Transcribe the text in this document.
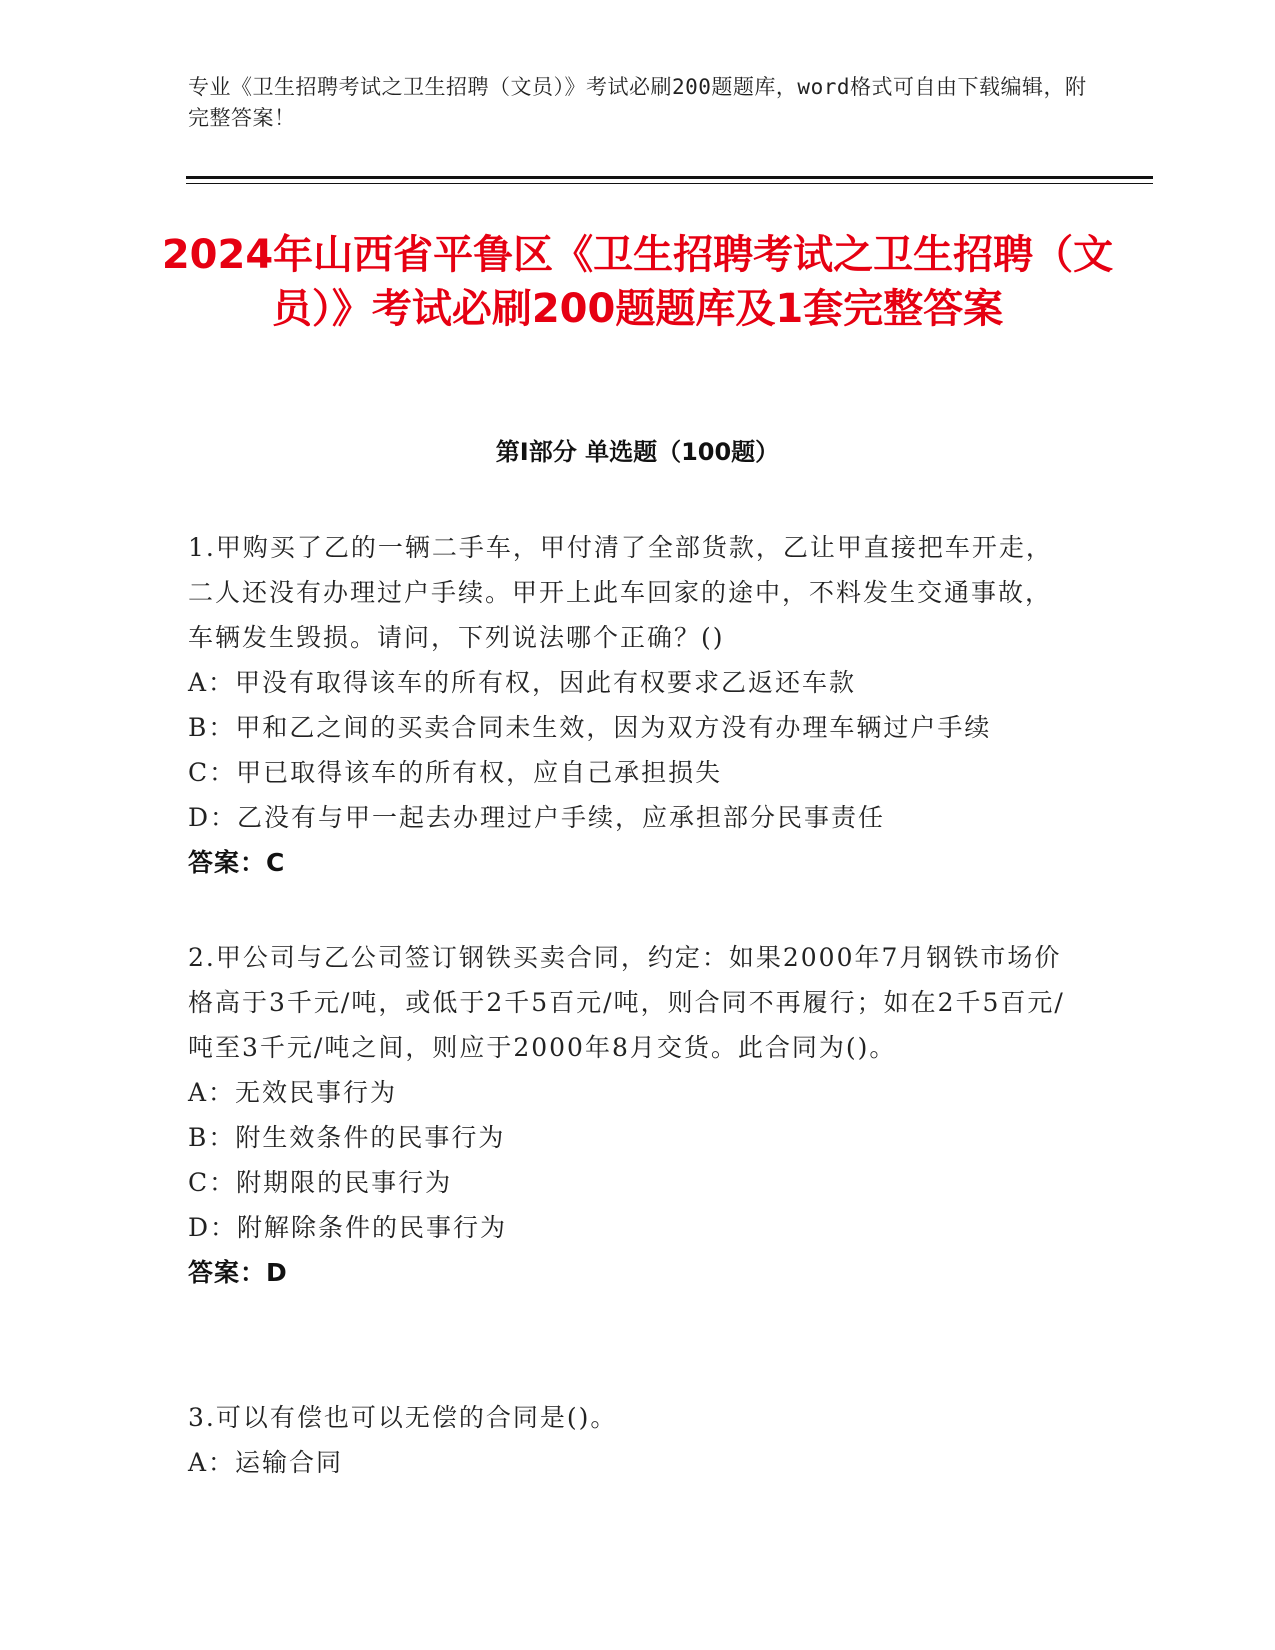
专业《卫生招聘考试之卫生招聘（文员）》考试必刷200题题库，word格式可自由下载编辑，附完整答案！
2024年山西省平鲁区《卫生招聘考试之卫生招聘（文员）》考试必刷200题题库及1套完整答案
第Ⅰ部分 单选题（100题）

1.甲购买了乙的一辆二手车，甲付清了全部货款，乙让甲直接把车开走，二人还没有办理过户手续。甲开上此车回家的途中，不料发生交通事故，车辆发生毁损。请问，下列说法哪个正确？()

A：甲没有取得该车的所有权，因此有权要求乙返还车款

B：甲和乙之间的买卖合同未生效，因为双方没有办理车辆过户手续

C：甲已取得该车的所有权，应自己承担损失

D：乙没有与甲一起去办理过户手续，应承担部分民事责任

答案：C

2.甲公司与乙公司签订钢铁买卖合同，约定：如果2000年7月钢铁市场价格高于3千元/吨，或低于2千5百元/吨，则合同不再履行；如在2千5百元/吨至3千元/吨之间，则应于2000年8月交货。此合同为()。

A：无效民事行为

B：附生效条件的民事行为

C：附期限的民事行为

D：附解除条件的民事行为

答案：D

3.可以有偿也可以无偿的合同是()。

A：运输合同
